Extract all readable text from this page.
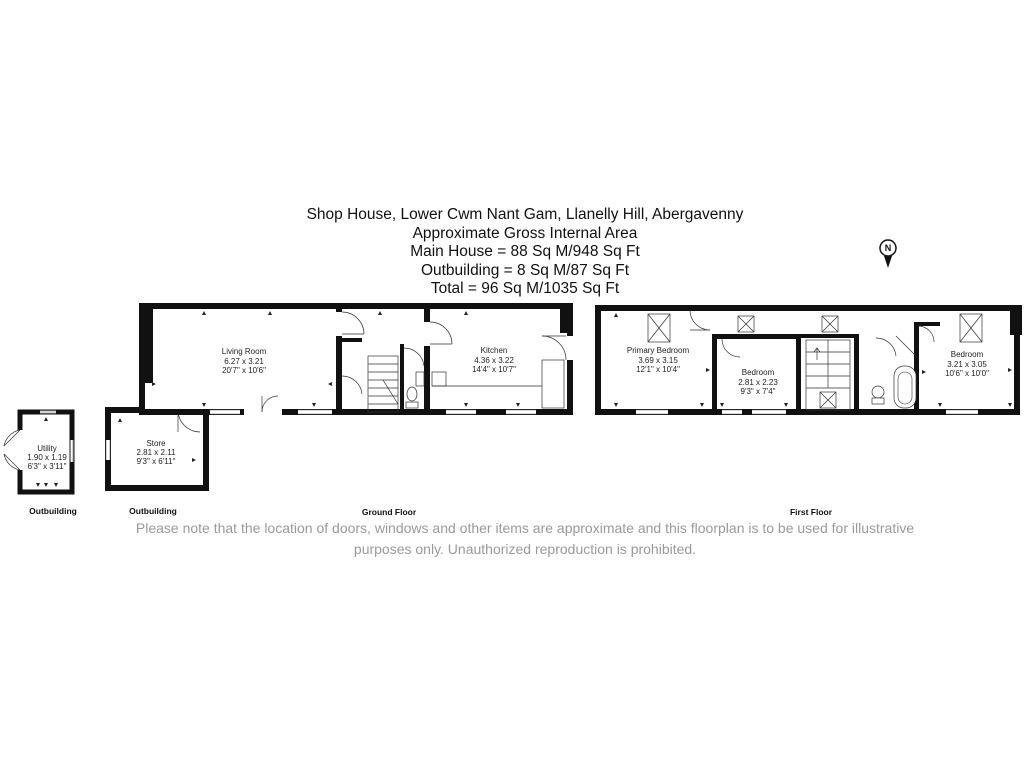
Shop House, Lower Cwm Nant Gam, Llanelly Hill, Abergavenny
Approximate Gross Internal Area
Main House = 88 Sq M/948 Sq Ft
Outbuilding = 8 Sq M/87 Sq Ft
Total = 96 Sq M/1035 Sq Ft
N
Utility
1.90 x 1.19
6'3" x 3'11"
Store
2.81 x 2.11
9'3" x 6'11"
Living Room
6.27 x 3.21
20'7" x 10'6"
Kitchen
4.36 x 3.22
14'4" x 10'7"
Primary Bedroom
3.69 x 3.15
12'1" x 10'4"	Bedroom
2.81 x 2.23
9'3" x 7'4"
Bedroom
3.21 x 3.05
10'6" x 10'0"
Outbuilding	Outbuilding	Ground Floor	First Floor
Please note that the location of doors, windows and other items are approximate and this floorplan is to be used for illustrative
purposes only. Unauthorized reproduction is prohibited.
